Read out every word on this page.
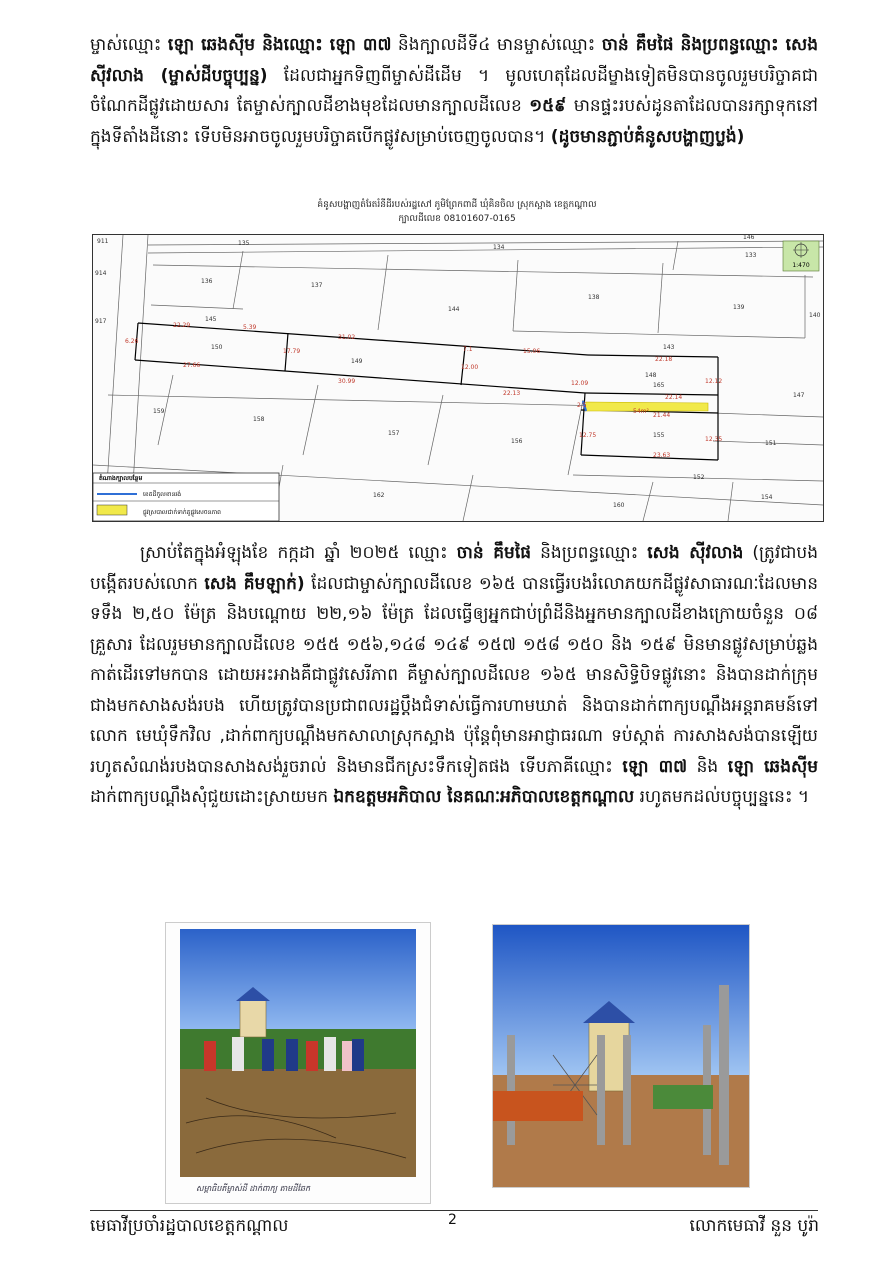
ម្ចាស់ឈ្មោះ ឡោ ឆេងស៊ីម និងឈ្មោះ ឡោ ៣៧ និងក្បាលដីទី៤ មានម្ចាស់ឈ្មោះ ចាន់ គឹមផៃ និងប្រពន្ធឈ្មោះ សេង ស៊ីវលាង (ម្ចាស់ដីបច្ចុប្បន្ន) ដែលជាអ្នកទិញពីម្ចាស់ដីដើម ។ មូលហេតុដែលដីម្ខាងទៀតមិនបានចូលរួមបរិច្ចាគជាចំណែកដីផ្លូវដោយសារ តែម្ចាស់ក្បាលដីខាងមុខដែលមានក្បាលដីលេខ ១៥៩ មានផ្ទះរបស់ដូនតាដែលបានរក្សាទុកនៅក្នុងទីតាំងដីនោះ ទើបមិនអាចចូលរួមបរិច្ចាគបើកផ្លូវសម្រាប់ចេញចូលបាន។ (ដូចមានភ្ជាប់គំនូសបង្ហាញប្លង់)

គំនូសបង្ហាញតំរែតរំនីដីរបស់រដ្ឋសៅ ភូមិព្រែកពាដី ឃុំគិនចិល ស្រុកស្អាង ខេត្តកណ្តាល
ក្បាលដីលេខ 08101607-0165
911
914
917
135
134
146
133
136
137
144
138
139
140
145
150
149
143
148
165
147
159
158
157
156
155
151
152
162
160
154
22.29	5.39
31.02
7.1	15.06
22.18
27.66
30.99
22.13
22.14
21.44
23.63
6.26
17.79
12.00
12.09	12.12
12.75
12.35
2.5
54m²
1:470
តំណាងក្បាលបន្ថែម
ខេតដីកូលខានរង់
ផ្លូវស្របាលជាក់ទាក់គូផ្លូវសេចនភាព

ស្រាប់តែក្នុងអំឡុងខែ កក្កដា ឆ្នាំ ២០២៥ ឈ្មោះ ចាន់ គឹមផៃ និងប្រពន្ធឈ្មោះ សេង ស៊ីវលាង (ត្រូវជាបងបង្កើតរបស់លោក សេង គឹមឡាក់) ដែលជាម្ចាស់ក្បាលដីលេខ ១៦៥ បានធ្វើរបងរំលោភយកដីផ្លូវសាធារណៈដែលមានទទឹង ២,៥០ ម៉ែត្រ និងបណ្តោយ ២២,១៦ ម៉ែត្រ ដែលធ្វើឲ្យអ្នកជាប់ព្រំដីនិងអ្នកមានក្បាលដីខាងក្រោយចំនួន ០៨ គ្រួសារ ដែលរួមមានក្បាលដីលេខ ១៥៥ ១៥៦,១៤៨ ១៤៩ ១៥៧ ១៥៨ ១៥០ និង ១៥៩ មិនមានផ្លូវសម្រាប់ឆ្លងកាត់ដើរទៅមកបាន ដោយអះអាងគឺជាផ្លូវសេរីភាព គឺម្ចាស់ក្បាលដីលេខ ១៦៥ មានសិទ្ធិបិទផ្លូវនោះ និងបានដាក់ក្រុមជាងមកសាងសង់របង ហើយត្រូវបានប្រជាពលរដ្ឋប្តឹងជំទាស់ធ្វើការហាមឃាត់ និងបានដាក់ពាក្យបណ្តឹងអន្តរាគមន៍ទៅលោក មេឃុំទឹកវិល ,ដាក់ពាក្យបណ្តឹងមកសាលាស្រុកស្អាង ប៉ុន្តែពុំមានអាជ្ញាធរណា ទប់ស្កាត់ ការសាងសង់បានឡើយ រហូតសំណង់របងបានសាងសង់រួចរាល់ និងមានជីកស្រះទឹកទៀតផង ទើបភាគីឈ្មោះ ឡោ ៣៧ និង ឡោ ឆេងស៊ីម ដាក់ពាក្យបណ្តឹងសុំជួយដោះស្រាយមក ឯកឧត្តមអភិបាល នៃគណៈអភិបាលខេត្តកណ្តាល រហូតមកដល់បច្ចុប្បន្ននេះ ។

សម្ពាធិបតីម្ចាស់ដី ដាក់ពាក្យ តាមដីឆែក
មេធាវីប្រចាំរដ្ឋបាលខេត្តកណ្តាល	2	លោកមេធាវី នួន បូរ៉ា
